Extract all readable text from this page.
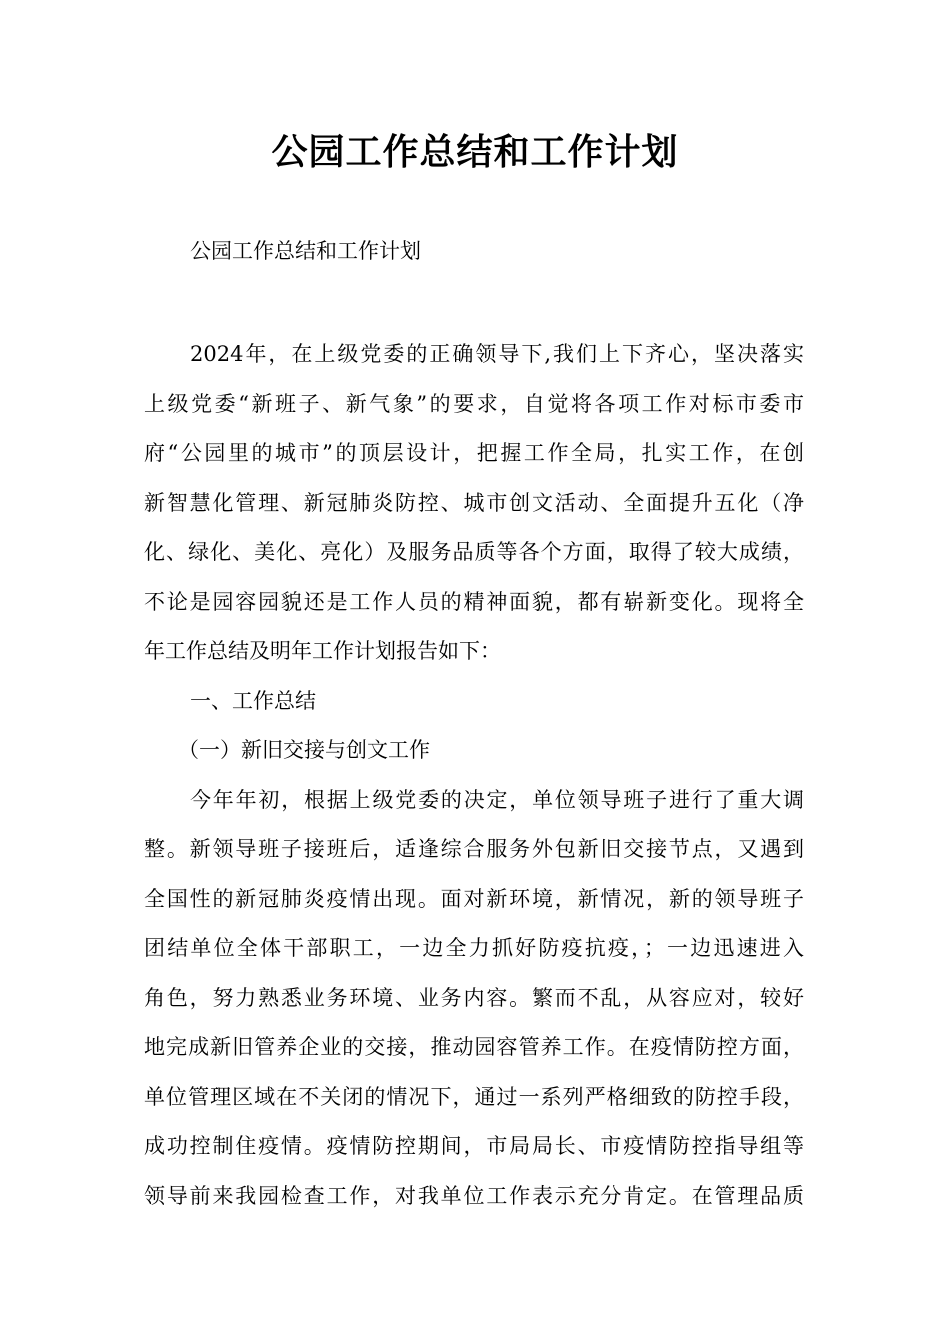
公园工作总结和工作计划
公园工作总结和工作计划
2024年，在上级党委的正确领导下,我们上下齐心，坚决落实
上级党委“新班子、新气象”的要求，自觉将各项工作对标市委市
府“公园里的城市”的顶层设计，把握工作全局，扎实工作，在创
新智慧化管理、新冠肺炎防控、城市创文活动、全面提升五化（净
化、绿化、美化、亮化）及服务品质等各个方面，取得了较大成绩，
不论是园容园貌还是工作人员的精神面貌，都有崭新变化。现将全
年工作总结及明年工作计划报告如下：
一、工作总结
（一）新旧交接与创文工作
今年年初，根据上级党委的决定，单位领导班子进行了重大调
整。新领导班子接班后，适逢综合服务外包新旧交接节点，又遇到
全国性的新冠肺炎疫情出现。面对新环境，新情况，新的领导班子
团结单位全体干部职工，一边全力抓好防疫抗疫，；一边迅速进入
角色，努力熟悉业务环境、业务内容。繁而不乱，从容应对，较好
地完成新旧管养企业的交接，推动园容管养工作。在疫情防控方面，
单位管理区域在不关闭的情况下，通过一系列严格细致的防控手段，
成功控制住疫情。疫情防控期间，市局局长、市疫情防控指导组等
领导前来我园检查工作，对我单位工作表示充分肯定。在管理品质
